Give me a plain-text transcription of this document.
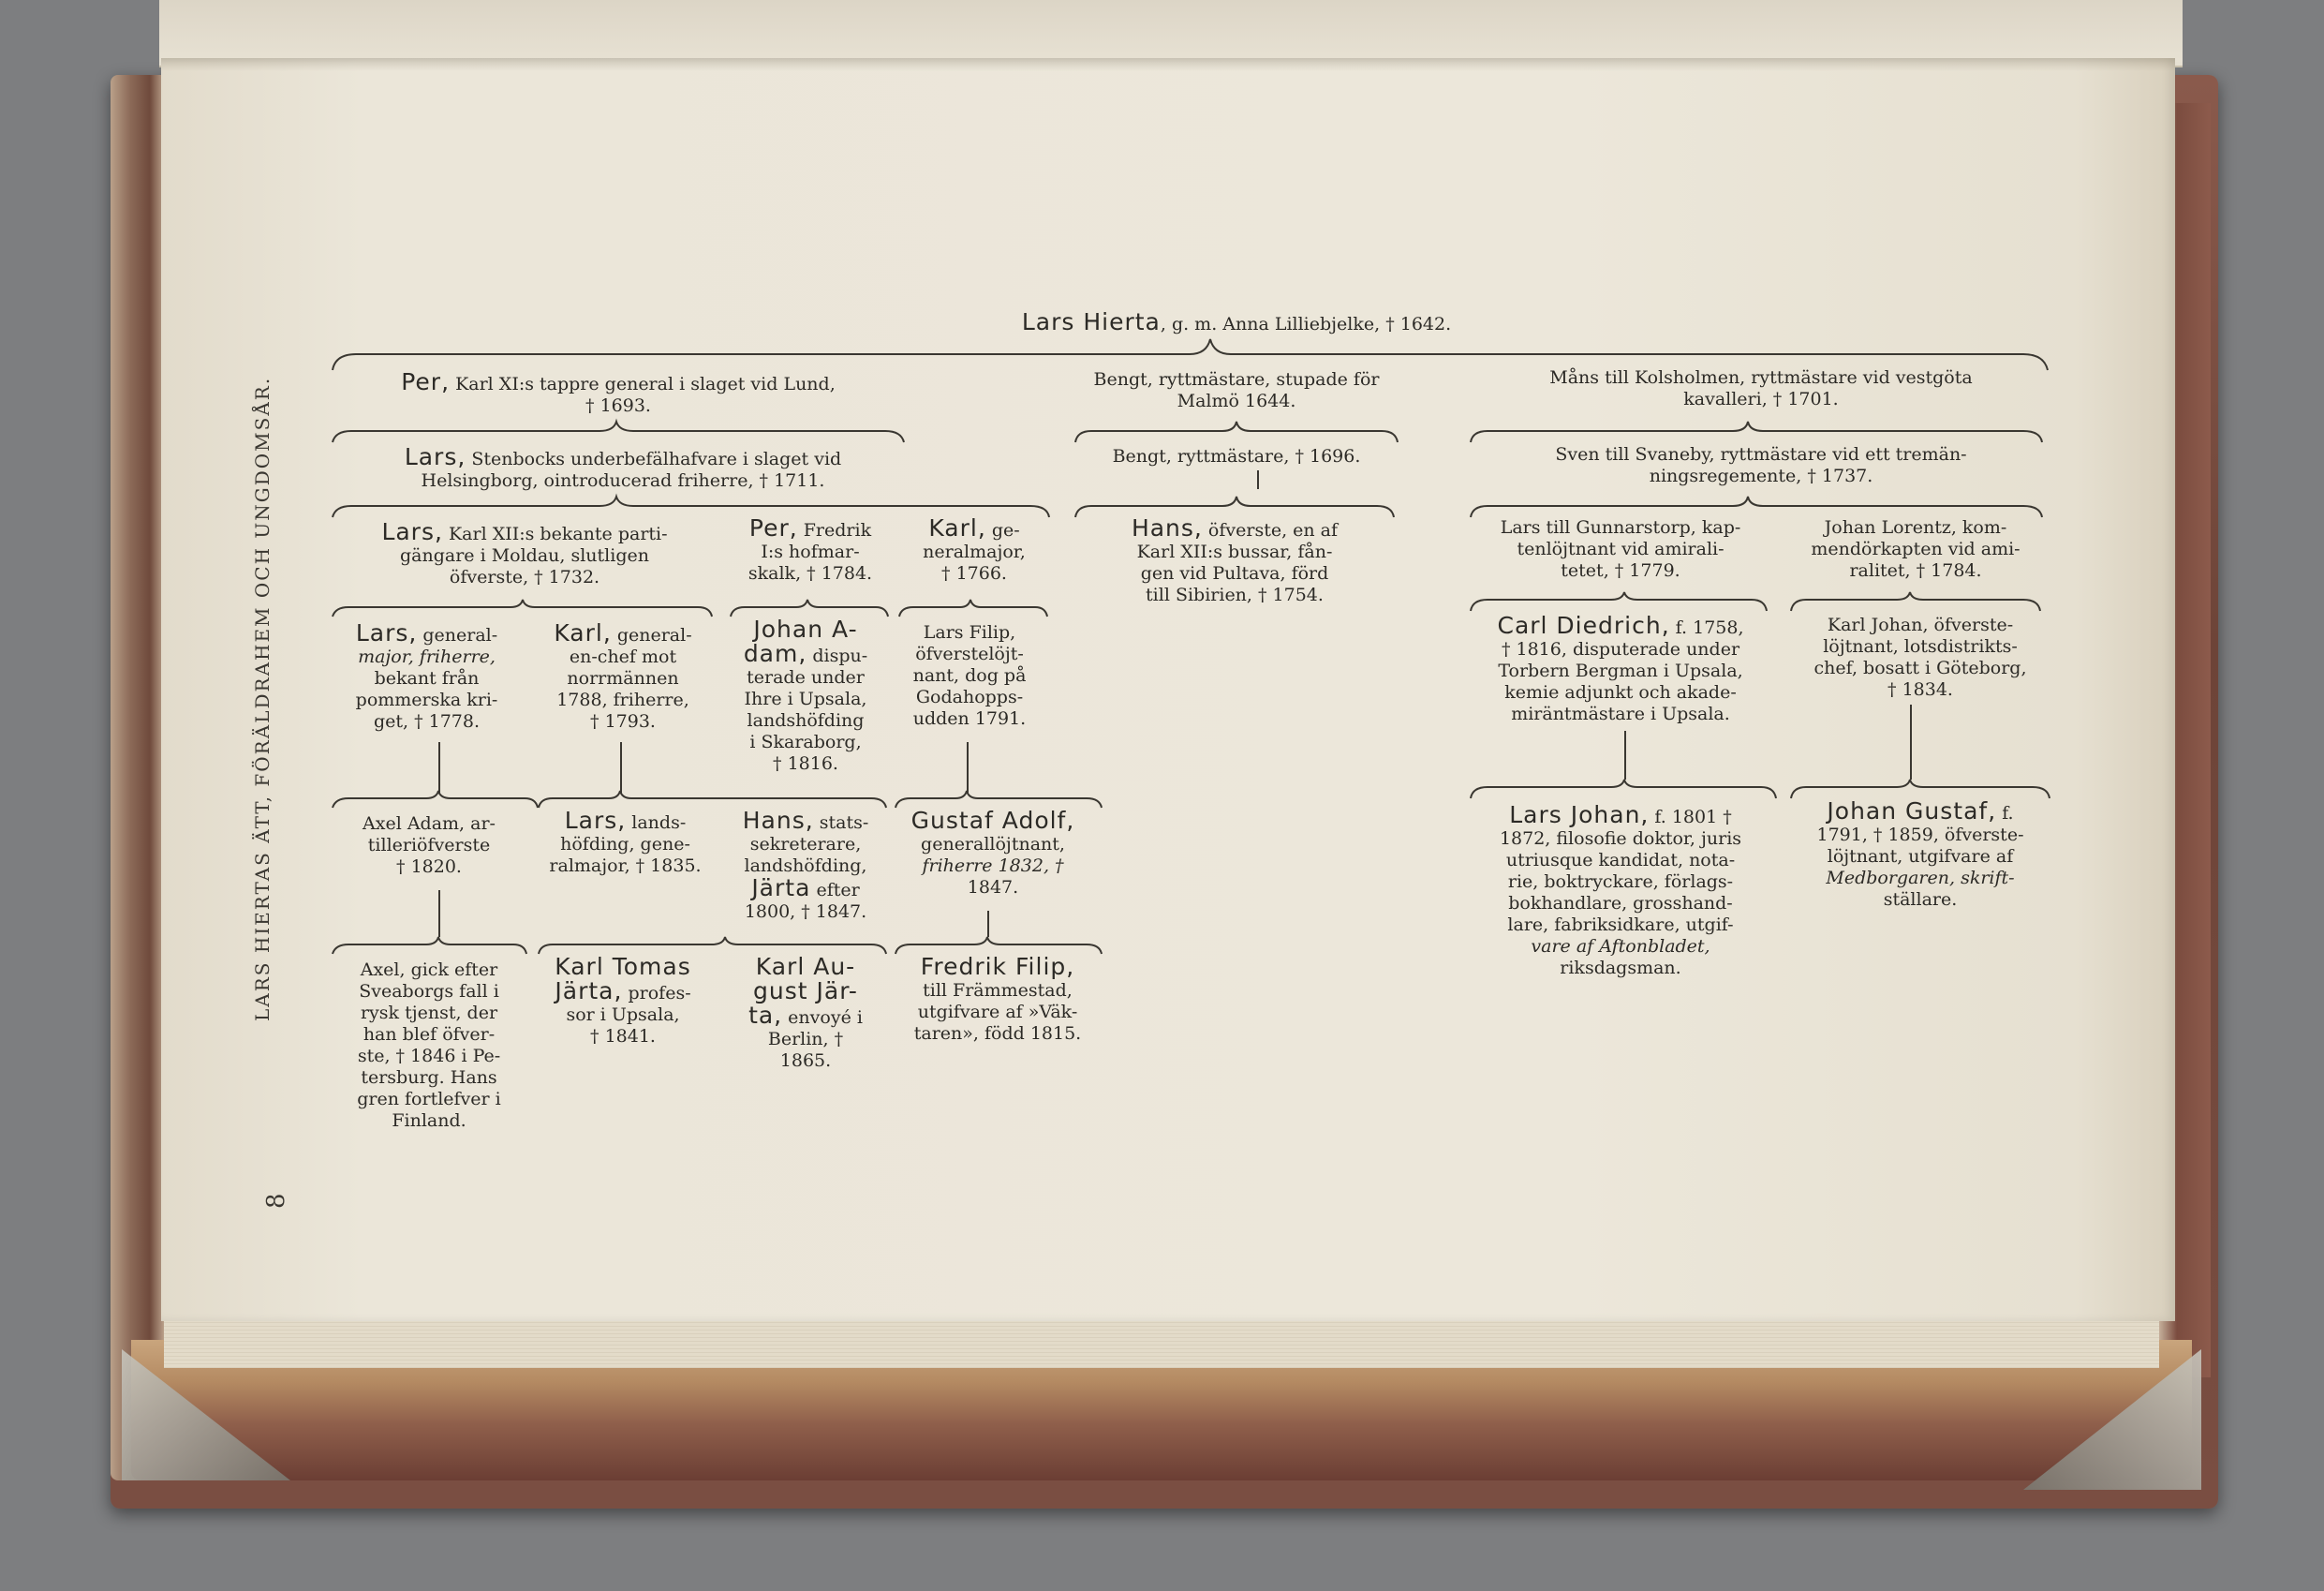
LARS HIERTAS ÄTT, FÖRÄLDRAHEM OCH UNGDOMSÅR.
8
Lars Hierta, g. m. Anna Lilliebjelke, † 1642.
Per, Karl XI:s tappre general i slaget vid Lund,
† 1693.
Bengt, ryttmästare, stupade för
Malmö 1644.
Måns till Kolsholmen, ryttmästare vid vestgöta
kavalleri, † 1701.
Lars, Stenbocks underbefälhafvare i slaget vid
Helsingborg, ointroducerad friherre, † 1711.
Bengt, ryttmästare, † 1696.	Sven till Svaneby, ryttmästare vid ett tremän-
ningsregemente, † 1737.
Lars, Karl XII:s bekante parti-
gängare i Moldau, slutligen
öfverste, † 1732.
Per, Fredrik
I:s hofmar-
skalk, † 1784.
Karl, ge-
neralmajor,
† 1766.
Hans, öfverste, en af
Karl XII:s bussar, fån-
gen vid Pultava, förd
till Sibirien, † 1754.
Lars till Gunnarstorp, kap-
tenlöjtnant vid amirali-
tetet, † 1779.
Johan Lorentz, kom-
mendörkapten vid ami-
ralitet, † 1784.
Lars, general-
major, friherre,
bekant från
pommerska kri-
get, † 1778.
Karl, general-
en-chef mot
norrmännen
1788, friherre,
† 1793.
Johan A-
dam, dispu-
terade under
Ihre i Upsala,
landshöfding
i Skaraborg,
† 1816.
Lars Filip,
öfverstelöjt-
nant, dog på
Godahopps-
udden 1791.
Carl Diedrich, f. 1758,
† 1816, disputerade under
Torbern Bergman i Upsala,
kemie adjunkt och akade-
miräntmästare i Upsala.
Karl Johan, öfverste-
löjtnant, lotsdistrikts-
chef, bosatt i Göteborg,
† 1834.
Axel Adam, ar-
tilleriöfverste
† 1820.
Lars, lands-
höfding, gene-
ralmajor, † 1835.
Hans, stats-
sekreterare,
landshöfding,
Järta efter
1800, † 1847.
Gustaf Adolf,
generallöjtnant,
friherre 1832, †
1847.
Lars Johan, f. 1801 †
1872, filosofie doktor, juris
utriusque kandidat, nota-
rie, boktryckare, förlags-
bokhandlare, grosshand-
lare, fabriksidkare, utgif-
vare af Aftonbladet,
riksdagsman.
Johan Gustaf, f.
1791, † 1859, öfverste-
löjtnant, utgifvare af
Medborgaren, skrift-
ställare.
Axel, gick efter
Sveaborgs fall i
rysk tjenst, der
han blef öfver-
ste, † 1846 i Pe-
tersburg. Hans
gren fortlefver i
Finland.
Karl Tomas
Järta, profes-
sor i Upsala,
† 1841.
Karl Au-
gust Jär-
ta, envoyé i
Berlin, †
1865.
Fredrik Filip,
till Främmestad,
utgifvare af »Väk-
taren», född 1815.
